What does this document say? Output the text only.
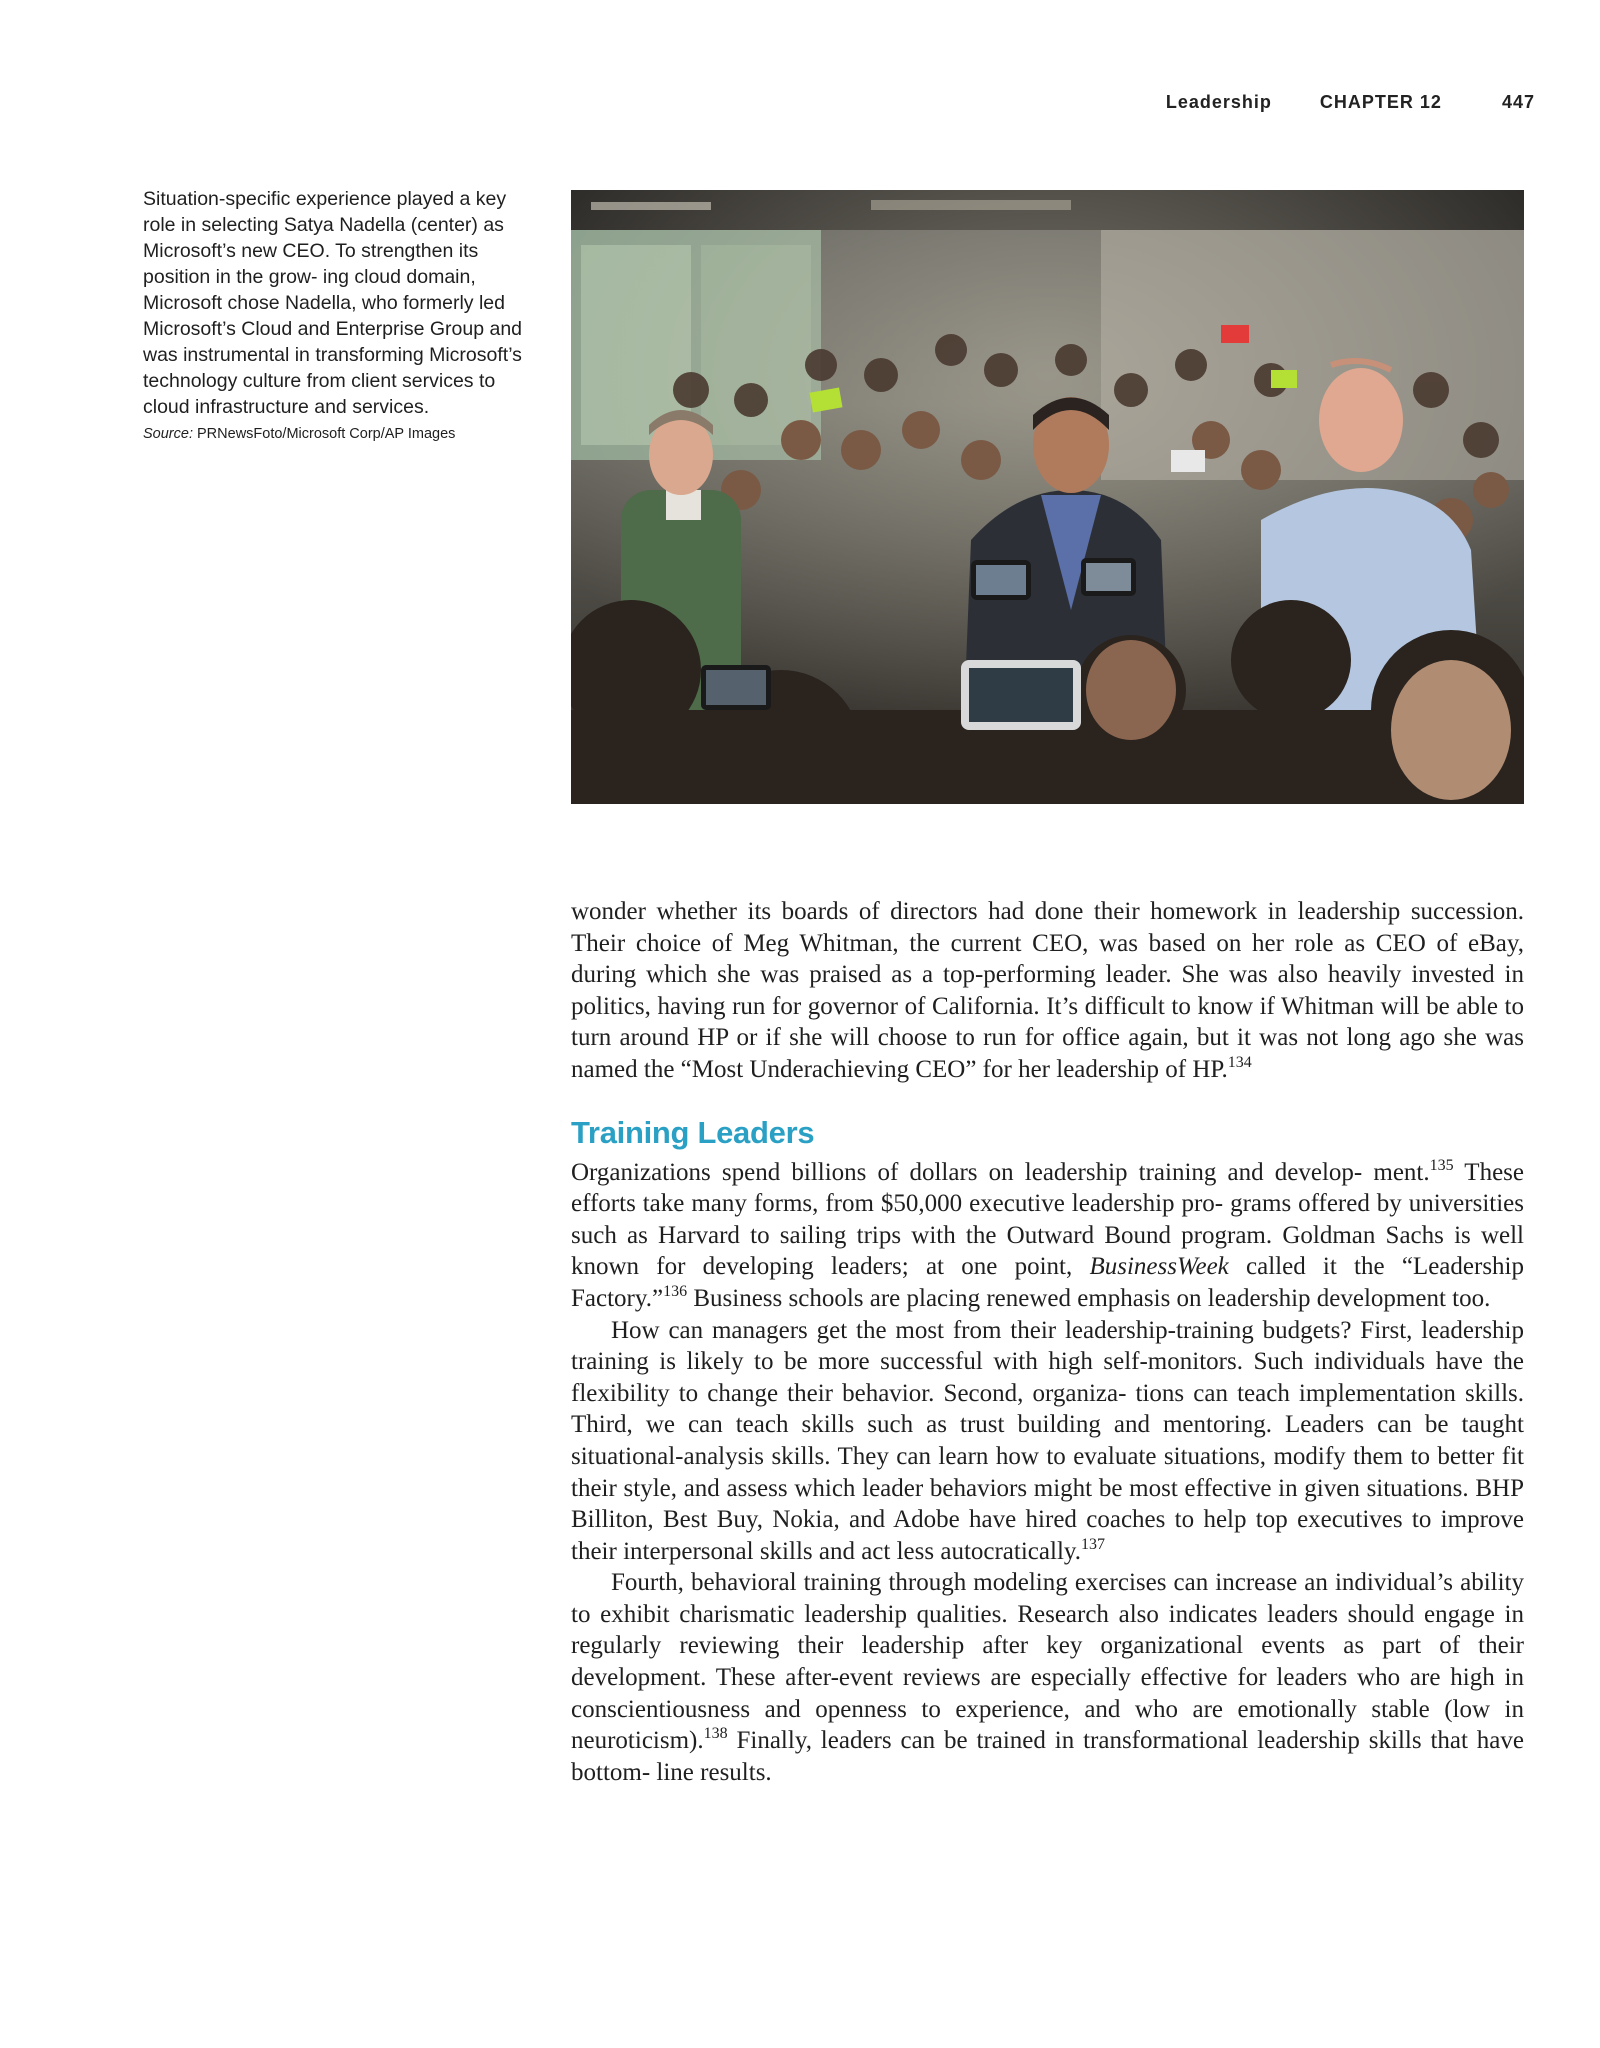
Leadership	CHAPTER 12	447

Situation-specific experience played a key role in selecting Satya Nadella (center) as Microsoft’s new CEO. To strengthen its position in the grow- ing cloud domain, Microsoft chose Nadella, who formerly led Microsoft’s Cloud and Enterprise Group and was instrumental in transforming Microsoft’s technology culture from client services to cloud infrastructure and services.

Source: PRNewsFoto/Microsoft Corp/AP Images

wonder whether its boards of directors had done their homework in leadership succession. Their choice of Meg Whitman, the current CEO, was based on her role as CEO of eBay, during which she was praised as a top-performing leader. She was also heavily invested in politics, having run for governor of California. It’s difficult to know if Whitman will be able to turn around HP or if she will choose to run for office again, but it was not long ago she was named the “Most Underachieving CEO” for her leadership of HP.$^{134}$

Training Leaders

Organizations spend billions of dollars on leadership training and develop- ment.$^{135}$ These efforts take many forms, from $50,000 executive leadership pro- grams offered by universities such as Harvard to sailing trips with the Outward Bound program. Goldman Sachs is well known for developing leaders; at one point, BusinessWeek called it the “Leadership Factory.”$^{136}$ Business schools are placing renewed emphasis on leadership development too.

How can managers get the most from their leadership-training budgets? First, leadership training is likely to be more successful with high self-monitors. Such individuals have the flexibility to change their behavior. Second, organiza- tions can teach implementation skills. Third, we can teach skills such as trust building and mentoring. Leaders can be taught situational-analysis skills. They can learn how to evaluate situations, modify them to better fit their style, and assess which leader behaviors might be most effective in given situations. BHP Billiton, Best Buy, Nokia, and Adobe have hired coaches to help top executives to improve their interpersonal skills and act less autocratically.$^{137}$

Fourth, behavioral training through modeling exercises can increase an individual’s ability to exhibit charismatic leadership qualities. Research also indicates leaders should engage in regularly reviewing their leadership after key organizational events as part of their development. These after-event reviews are especially effective for leaders who are high in conscientiousness and openness to experience, and who are emotionally stable (low in neuroticism).$^{138}$ Finally, leaders can be trained in transformational leadership skills that have bottom- line results.
